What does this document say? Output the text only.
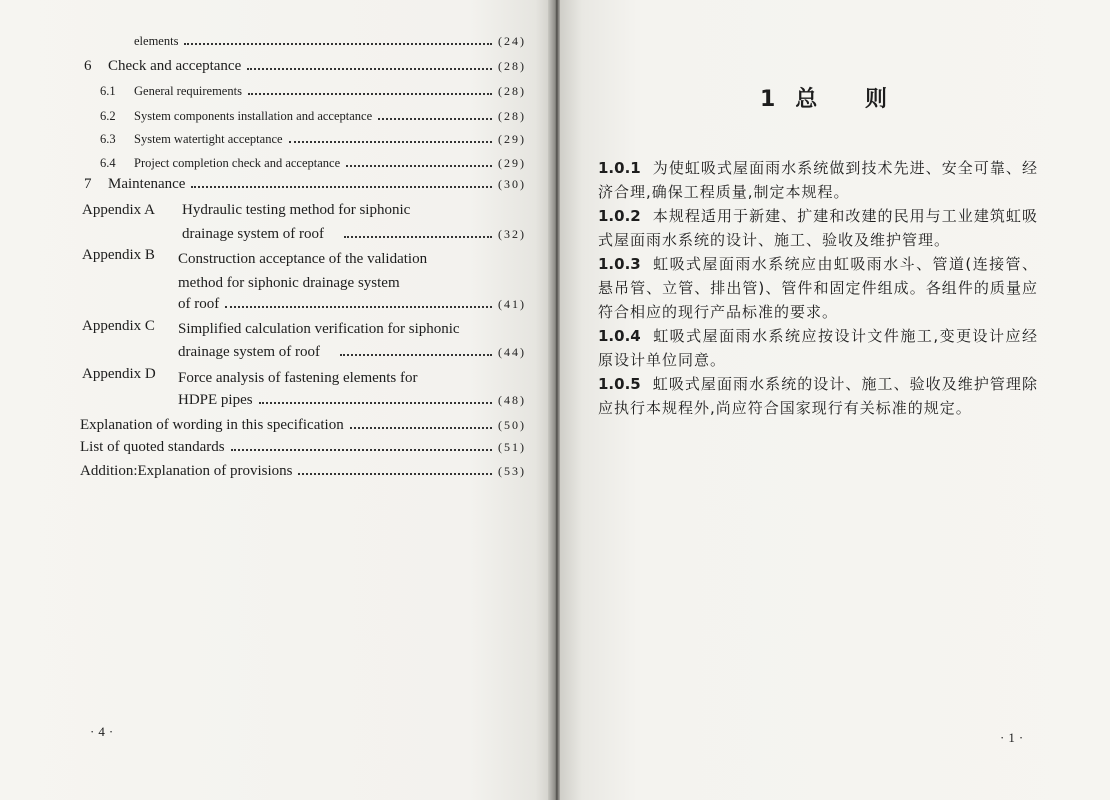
elements	(24)
6	Check and acceptance	(28)
6.1	General requirements	(28)
6.2	System components installation and acceptance	(28)
6.3	System watertight acceptance	(29)
6.4	Project completion check and acceptance	(29)
7	Maintenance	(30)
Appendix A Hydraulic testing method for siphonic
drainage system of roof	(32)
Appendix B Construction acceptance of the validation
method for siphonic drainage system
of roof	(41)
Appendix C Simplified calculation verification for siphonic
drainage system of roof	(44)
Appendix D Force analysis of fastening elements for
HDPE pipes	(48)
Explanation of wording in this specification	(50)
List of quoted standards	(51)
Addition:Explanation of provisions	(53)
·4·
1总 则
1.0.1 为使虹吸式屋面雨水系统做到技术先进、安全可靠、经济合理,确保工程质量,制定本规程。
1.0.2 本规程适用于新建、扩建和改建的民用与工业建筑虹吸式屋面雨水系统的设计、施工、验收及维护管理。
1.0.3 虹吸式屋面雨水系统应由虹吸雨水斗、管道(连接管、悬吊管、立管、排出管)、管件和固定件组成。各组件的质量应符合相应的现行产品标准的要求。
1.0.4 虹吸式屋面雨水系统应按设计文件施工,变更设计应经原设计单位同意。
1.0.5 虹吸式屋面雨水系统的设计、施工、验收及维护管理除应执行本规程外,尚应符合国家现行有关标准的规定。
·1·
